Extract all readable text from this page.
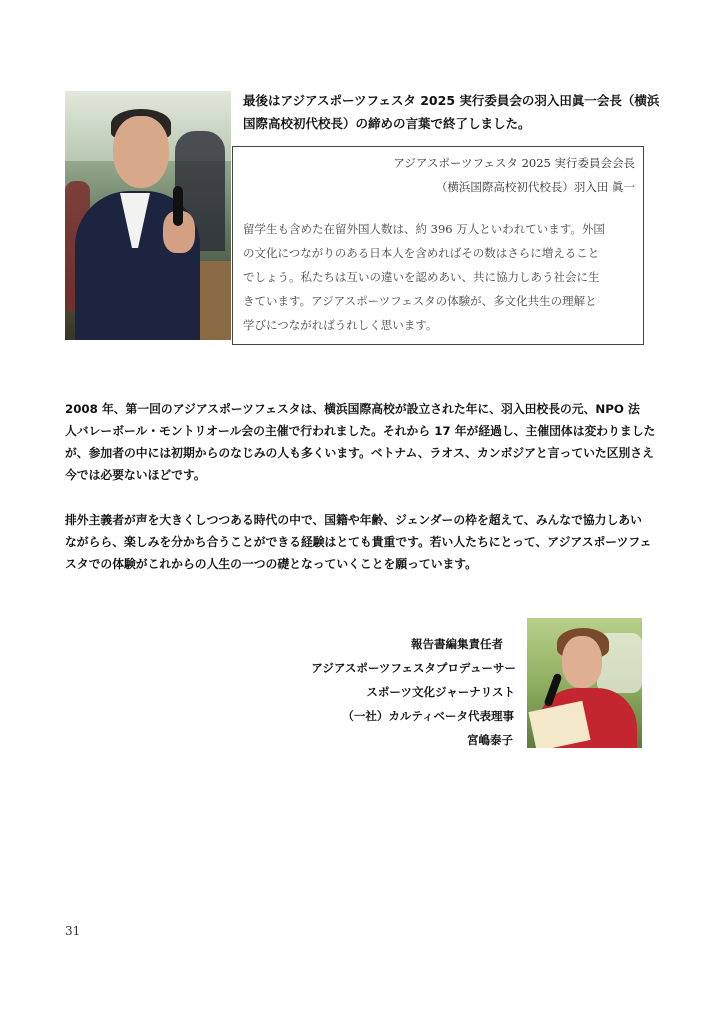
最後はアジアスポーツフェスタ 2025 実行委員会の羽入田眞一会長（横浜
国際高校初代校長）の締めの言葉で終了しました。
アジアスポーツフェスタ 2025 実行委員会会長
（横浜国際高校初代校長）羽入田 眞一
留学生も含めた在留外国人数は、約 396 万人といわれています。外国
の文化につながりのある日本人を含めればその数はさらに増えること
でしょう。私たちは互いの違いを認めあい、共に協力しあう社会に生
きています。アジアスポーツフェスタの体験が、多文化共生の理解と
学びにつながればうれしく思います。
2008 年、第一回のアジアスポーツフェスタは、横浜国際高校が設立された年に、羽入田校長の元、NPO 法
人バレーボール・モントリオール会の主催で行われました。それから 17 年が経過し、主催団体は変わりました
が、参加者の中には初期からのなじみの人も多くいます。ベトナム、ラオス、カンボジアと言っていた区別さえ
今では必要ないほどです。
排外主義者が声を大きくしつつある時代の中で、国籍や年齢、ジェンダーの枠を超えて、みんなで協力しあい
ながらら、楽しみを分かち合うことができる経験はとても貴重です。若い人たちにとって、アジアスポーツフェ
スタでの体験がこれからの人生の一つの礎となっていくことを願っています。
報告書編集責任者
アジアスポーツフェスタプロデューサー
スポーツ文化ジャーナリスト
（一社）カルティベータ代表理事
宮嶋泰子
31
